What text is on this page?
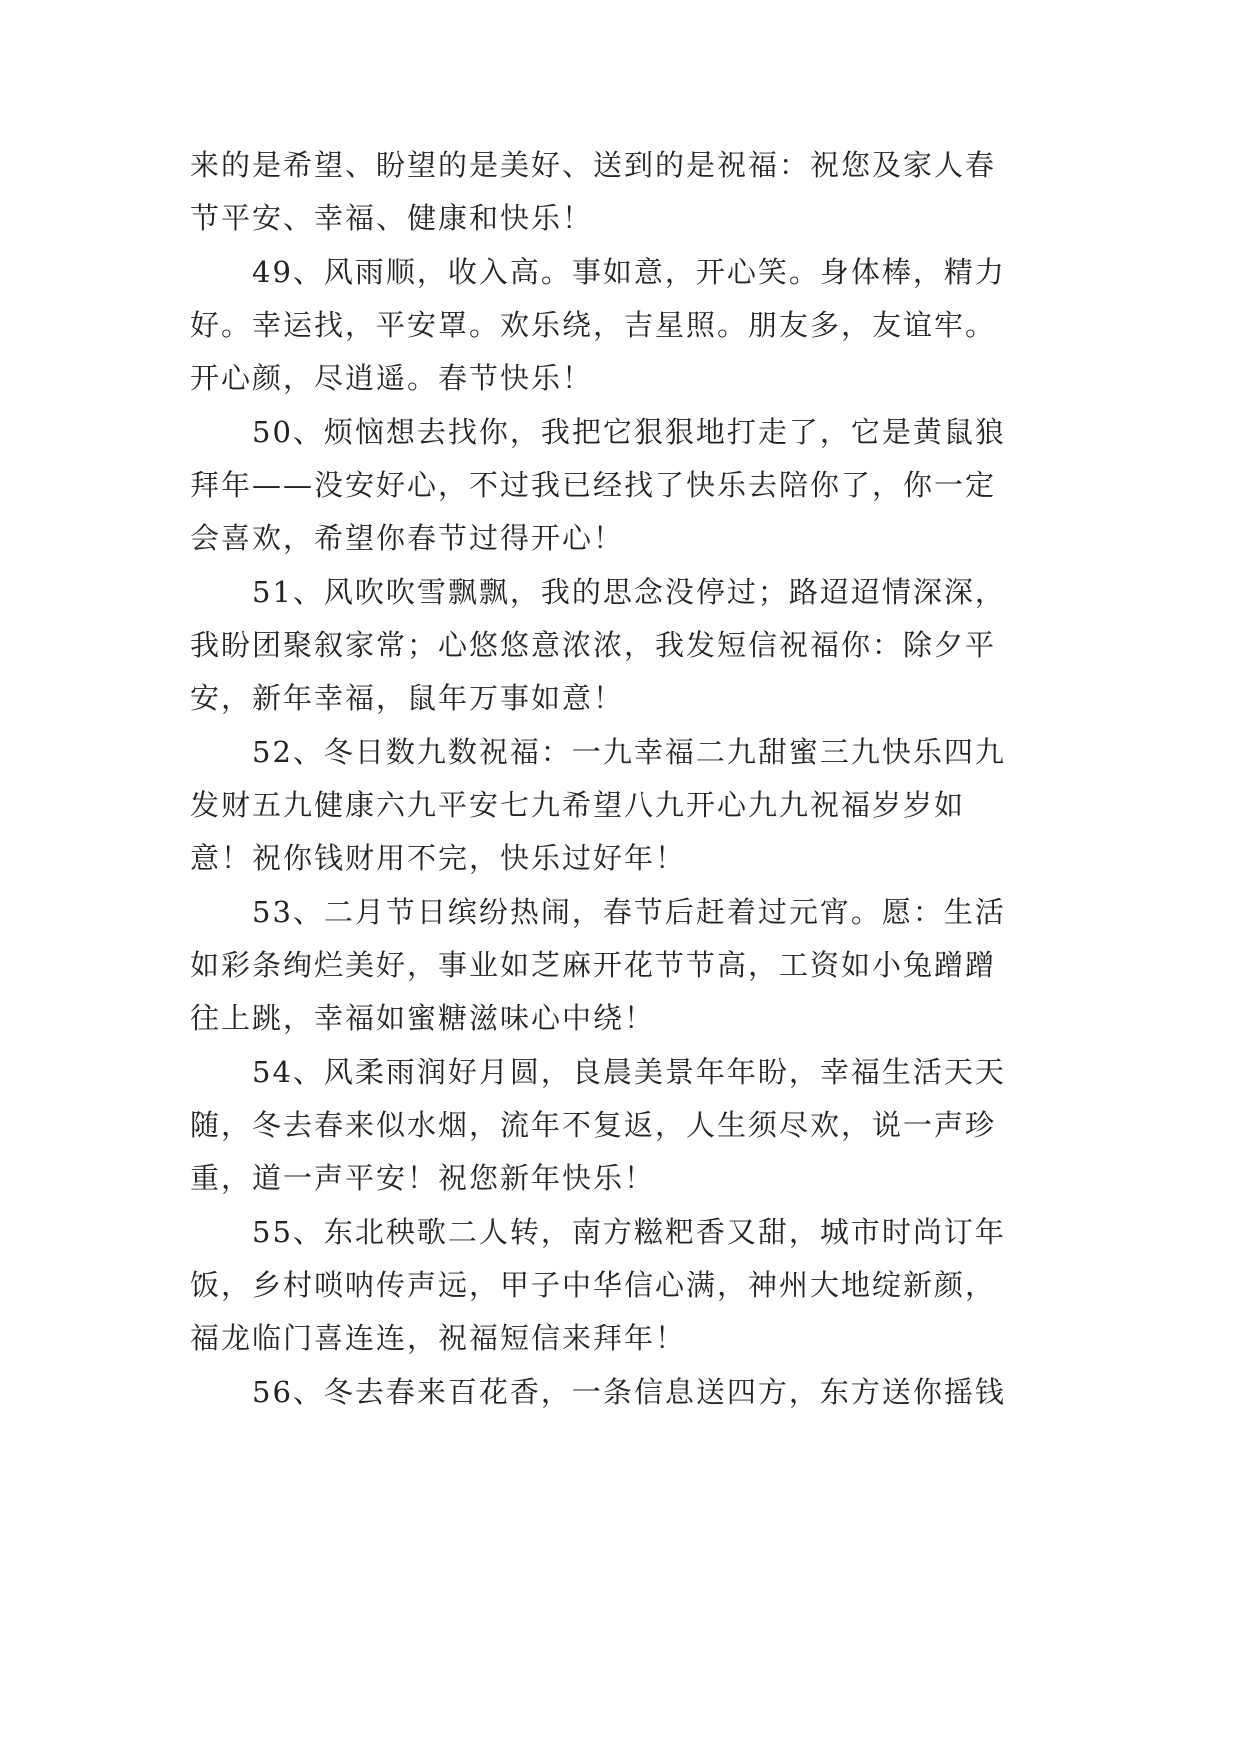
来的是希望、盼望的是美好、送到的是祝福：祝您及家人春
节平安、幸福、健康和快乐！
49、风雨顺，收入高。事如意，开心笑。身体棒，精力
好。幸运找，平安罩。欢乐绕，吉星照。朋友多，友谊牢。
开心颜，尽逍遥。春节快乐！
50、烦恼想去找你，我把它狠狠地打走了，它是黄鼠狼
拜年——没安好心，不过我已经找了快乐去陪你了，你一定
会喜欢，希望你春节过得开心！
51、风吹吹雪飘飘，我的思念没停过；路迢迢情深深，
我盼团聚叙家常；心悠悠意浓浓，我发短信祝福你：除夕平
安，新年幸福，鼠年万事如意！
52、冬日数九数祝福：一九幸福二九甜蜜三九快乐四九
发财五九健康六九平安七九希望八九开心九九祝福岁岁如
意！祝你钱财用不完，快乐过好年！
53、二月节日缤纷热闹，春节后赶着过元宵。愿：生活
如彩条绚烂美好，事业如芝麻开花节节高，工资如小兔蹭蹭
往上跳，幸福如蜜糖滋味心中绕！
54、风柔雨润好月圆，良晨美景年年盼，幸福生活天天
随，冬去春来似水烟，流年不复返，人生须尽欢，说一声珍
重，道一声平安！祝您新年快乐！
55、东北秧歌二人转，南方糍粑香又甜，城市时尚订年
饭，乡村唢呐传声远，甲子中华信心满，神州大地绽新颜，
福龙临门喜连连，祝福短信来拜年！
56、冬去春来百花香，一条信息送四方，东方送你摇钱
